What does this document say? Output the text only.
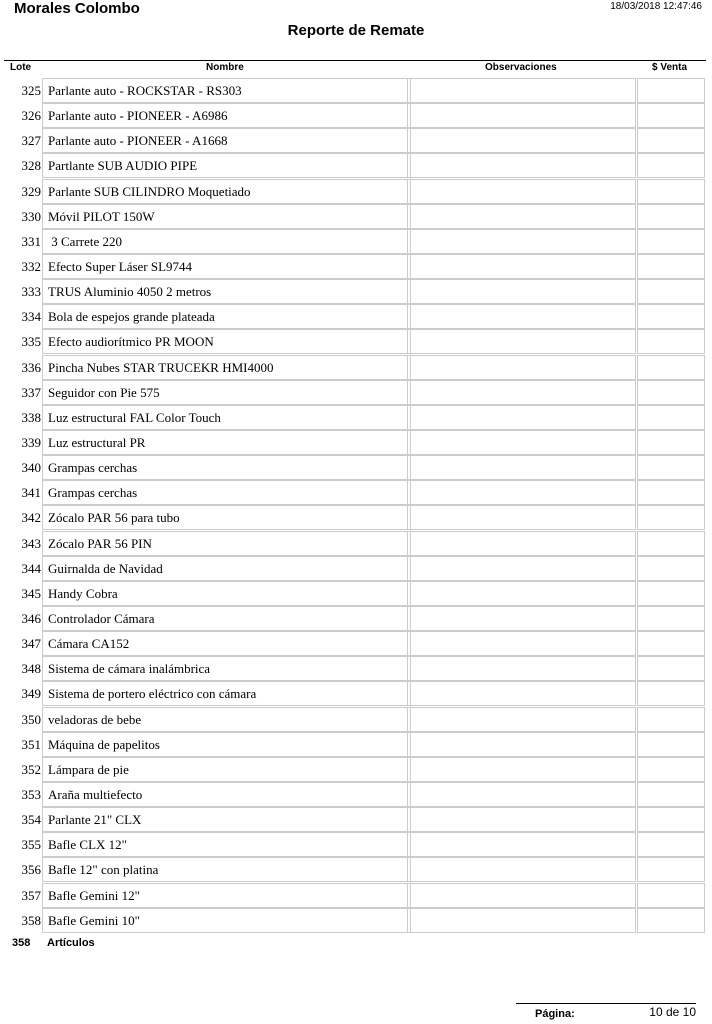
Morales Colombo	18/03/2018 12:47:46
Reporte de Remate
Lote	Nombre	Observaciones	$ Venta
325 Parlante auto - ROCKSTAR - RS303
326 Parlante auto - PIONEER - A6986
327 Parlante auto - PIONEER - A1668
328 Partlante SUB AUDIO PIPE
329 Parlante SUB CILINDRO Moquetiado
330 Móvil PILOT 150W
331 3 Carrete 220
332 Efecto Super Láser SL9744
333 TRUS Aluminio 4050 2 metros
334 Bola de espejos grande plateada
335 Efecto audiorítmico PR MOON
336 Pincha Nubes STAR TRUCEKR HMI4000
337 Seguidor con Pie 575
338 Luz estructural FAL Color Touch
339 Luz estructural PR
340 Grampas cerchas
341 Grampas cerchas
342 Zócalo PAR 56 para tubo
343 Zócalo PAR 56 PIN
344 Guirnalda de Navidad
345 Handy Cobra
346 Controlador Cámara
347 Cámara CA152
348 Sistema de cámara inalámbrica
349 Sistema de portero eléctrico con cámara
350 veladoras de bebe
351 Máquina de papelitos
352 Lámpara de pie
353 Araña multiefecto
354 Parlante 21" CLX
355 Bafle CLX 12"
356 Bafle 12" con platina
357 Bafle Gemini 12"
358 Bafle Gemini 10"
358 Artículos
Página:	10 de 10
